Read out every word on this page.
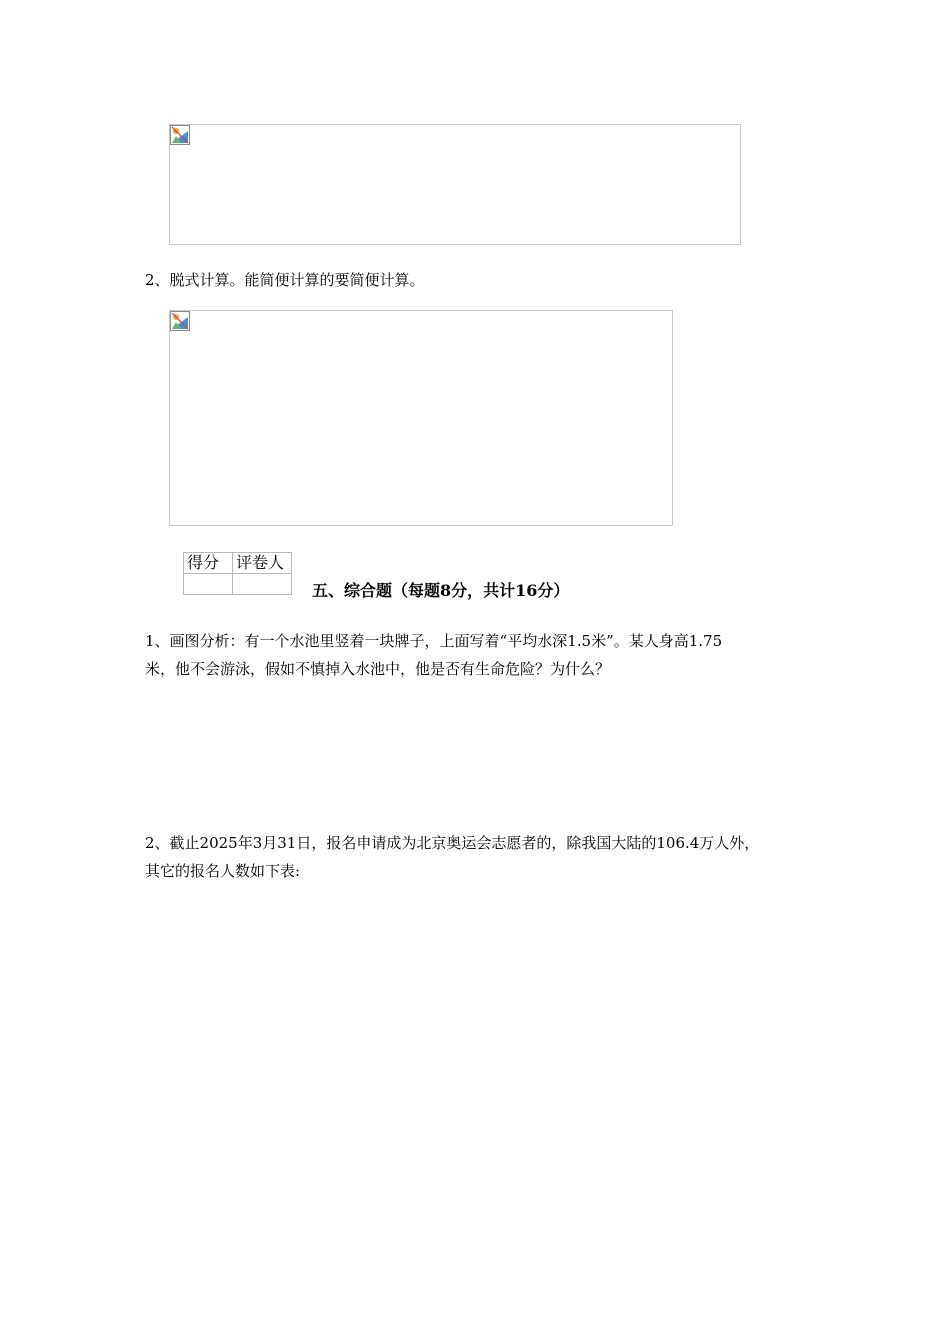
2、脱式计算。能简便计算的要简便计算。

得分	评卷人

五、综合题（每题8分，共计16分）

1、画图分析：有一个水池里竖着一块牌子，上面写着“平均水深1.5米”。某人身高1.75

米，他不会游泳，假如不慎掉入水池中，他是否有生命危险？为什么？

2、截止2025年3月31日，报名申请成为北京奥运会志愿者的，除我国大陆的106.4万人外，

其它的报名人数如下表:
